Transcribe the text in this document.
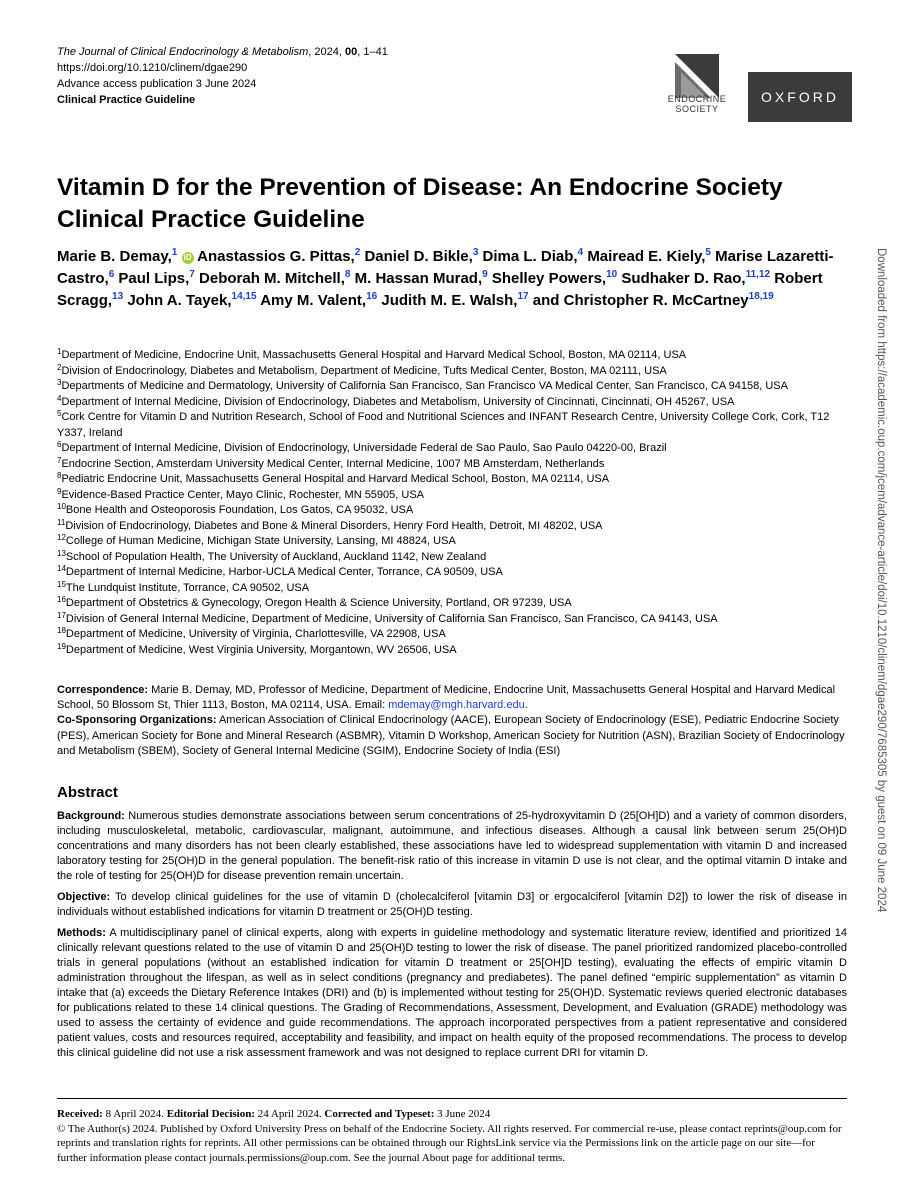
The Journal of Clinical Endocrinology & Metabolism, 2024, 00, 1–41
https://doi.org/10.1210/clinem/dgae290
Advance access publication 3 June 2024
Clinical Practice Guideline	ENDOCRINE
SOCIETY
OXFORD
Downloaded from https://academic.oup.com/jcem/advance-article/doi/10.1210/clinem/dgae290/7685305 by guest on 09 June 2024
Vitamin D for the Prevention of Disease: An Endocrine Society Clinical Practice Guideline
Marie B. Demay,$^1$ iD Anastassios G. Pittas,$^2$ Daniel D. Bikle,$^3$ Dima L. Diab,$^4$ Mairead E. Kiely,$^5$ Marise Lazaretti-Castro,$^6$ Paul Lips,$^7$ Deborah M. Mitchell,$^8$ M. Hassan Murad,$^9$ Shelley Powers,$^{10}$ Sudhaker D. Rao,$^{11,12}$ Robert Scragg,$^{13}$ John A. Tayek,$^{14,15}$ Amy M. Valent,$^{16}$ Judith M. E. Walsh,$^{17}$ and Christopher R. McCartney$^{18,19}$
$^1$Department of Medicine, Endocrine Unit, Massachusetts General Hospital and Harvard Medical School, Boston, MA 02114, USA
$^2$Division of Endocrinology, Diabetes and Metabolism, Department of Medicine, Tufts Medical Center, Boston, MA 02111, USA
$^3$Departments of Medicine and Dermatology, University of California San Francisco, San Francisco VA Medical Center, San Francisco, CA 94158, USA
$^4$Department of Internal Medicine, Division of Endocrinology, Diabetes and Metabolism, University of Cincinnati, Cincinnati, OH 45267, USA
$^5$Cork Centre for Vitamin D and Nutrition Research, School of Food and Nutritional Sciences and INFANT Research Centre, University College Cork, Cork, T12 Y337, Ireland
$^6$Department of Internal Medicine, Division of Endocrinology, Universidade Federal de Sao Paulo, Sao Paulo 04220-00, Brazil
$^7$Endocrine Section, Amsterdam University Medical Center, Internal Medicine, 1007 MB Amsterdam, Netherlands
$^8$Pediatric Endocrine Unit, Massachusetts General Hospital and Harvard Medical School, Boston, MA 02114, USA
$^9$Evidence-Based Practice Center, Mayo Clinic, Rochester, MN 55905, USA
$^{10}$Bone Health and Osteoporosis Foundation, Los Gatos, CA 95032, USA
$^{11}$Division of Endocrinology, Diabetes and Bone & Mineral Disorders, Henry Ford Health, Detroit, MI 48202, USA
$^{12}$College of Human Medicine, Michigan State University, Lansing, MI 48824, USA
$^{13}$School of Population Health, The University of Auckland, Auckland 1142, New Zealand
$^{14}$Department of Internal Medicine, Harbor-UCLA Medical Center, Torrance, CA 90509, USA
$^{15}$The Lundquist Institute, Torrance, CA 90502, USA
$^{16}$Department of Obstetrics & Gynecology, Oregon Health & Science University, Portland, OR 97239, USA
$^{17}$Division of General Internal Medicine, Department of Medicine, University of California San Francisco, San Francisco, CA 94143, USA
$^{18}$Department of Medicine, University of Virginia, Charlottesville, VA 22908, USA
$^{19}$Department of Medicine, West Virginia University, Morgantown, WV 26506, USA

Correspondence: Marie B. Demay, MD, Professor of Medicine, Department of Medicine, Endocrine Unit, Massachusetts General Hospital and Harvard Medical School, 50 Blossom St, Thier 1113, Boston, MA 02114, USA. Email: mdemay@mgh.harvard.edu.

Co-Sponsoring Organizations: American Association of Clinical Endocrinology (AACE), European Society of Endocrinology (ESE), Pediatric Endocrine Society (PES), American Society for Bone and Mineral Research (ASBMR), Vitamin D Workshop, American Society for Nutrition (ASN), Brazilian Society of Endocrinology and Metabolism (SBEM), Society of General Internal Medicine (SGIM), Endocrine Society of India (ESI)

Abstract

Background: Numerous studies demonstrate associations between serum concentrations of 25-hydroxyvitamin D (25[OH]D) and a variety of common disorders, including musculoskeletal, metabolic, cardiovascular, malignant, autoimmune, and infectious diseases. Although a causal link between serum 25(OH)D concentrations and many disorders has not been clearly established, these associations have led to widespread supplementation with vitamin D and increased laboratory testing for 25(OH)D in the general population. The benefit-risk ratio of this increase in vitamin D use is not clear, and the optimal vitamin D intake and the role of testing for 25(OH)D for disease prevention remain uncertain.

Objective: To develop clinical guidelines for the use of vitamin D (cholecalciferol [vitamin D3] or ergocalciferol [vitamin D2]) to lower the risk of disease in individuals without established indications for vitamin D treatment or 25(OH)D testing.

Methods: A multidisciplinary panel of clinical experts, along with experts in guideline methodology and systematic literature review, identified and prioritized 14 clinically relevant questions related to the use of vitamin D and 25(OH)D testing to lower the risk of disease. The panel prioritized randomized placebo-controlled trials in general populations (without an established indication for vitamin D treatment or 25[OH]D testing), evaluating the effects of empiric vitamin D administration throughout the lifespan, as well as in select conditions (pregnancy and prediabetes). The panel defined “empiric supplementation” as vitamin D intake that (a) exceeds the Dietary Reference Intakes (DRI) and (b) is implemented without testing for 25(OH)D. Systematic reviews queried electronic databases for publications related to these 14 clinical questions. The Grading of Recommendations, Assessment, Development, and Evaluation (GRADE) methodology was used to assess the certainty of evidence and guide recommendations. The approach incorporated perspectives from a patient representative and considered patient values, costs and resources required, acceptability and feasibility, and impact on health equity of the proposed recommendations. The process to develop this clinical guideline did not use a risk assessment framework and was not designed to replace current DRI for vitamin D.

Received: 8 April 2024. Editorial Decision: 24 April 2024. Corrected and Typeset: 3 June 2024

© The Author(s) 2024. Published by Oxford University Press on behalf of the Endocrine Society. All rights reserved. For commercial re-use, please contact reprints@oup.com for reprints and translation rights for reprints. All other permissions can be obtained through our RightsLink service via the Permissions link on the article page on our site—for further information please contact journals.permissions@oup.com. See the journal About page for additional terms.
